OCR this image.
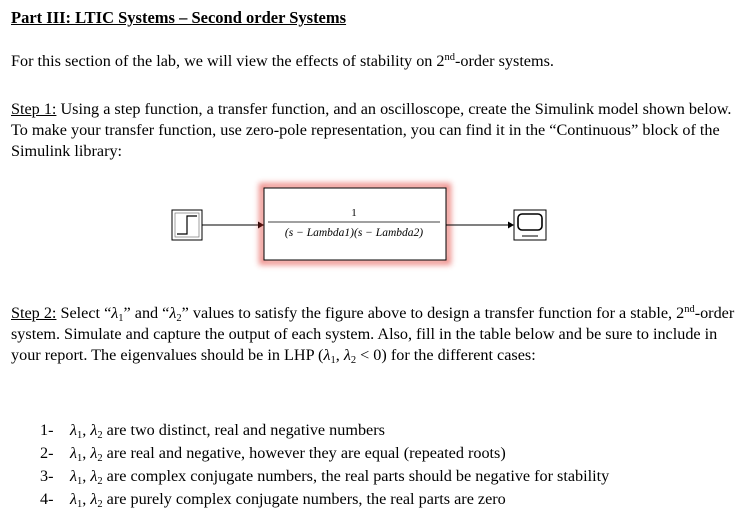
Part III: LTIC Systems – Second order Systems

For this section of the lab, we will view the effects of stability on 2nd-order systems.

Step 1: Using a step function, a transfer function, and an oscilloscope, create the Simulink model shown below. To make your transfer function, use zero-pole representation, you can find it in the “Continuous” block of the Simulink library:

Step 2: Select “$\lambda_1$” and “$\lambda_2$” values to satisfy the figure above to design a transfer function for a stable, 2nd-order system. Simulate and capture the output of each system. Also, fill in the table below and be sure to include in your report. The eigenvalues should be in LHP ($\lambda_1$, $\lambda_2 < 0$) for the different cases:

1- $\lambda_1$, $\lambda_2$ are two distinct, real and negative numbers
2- $\lambda_1$, $\lambda_2$ are real and negative, however they are equal (repeated roots)
3- $\lambda_1$, $\lambda_2$ are complex conjugate numbers, the real parts should be negative for stability
4- $\lambda_1$, $\lambda_2$ are purely complex conjugate numbers, the real parts are zero
1
(s − Lambda1)(s − Lambda2)
